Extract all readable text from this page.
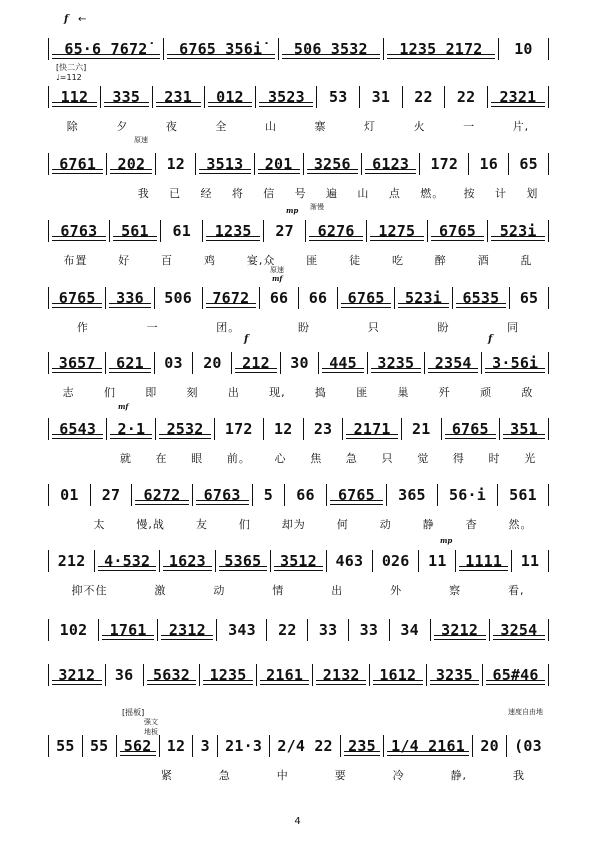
f ←
[快二六]
♩=112
65·6 7672̇	6765 356i̇	506 3532	1235 2172	10
112	335	231	012	3523	53	31	22	22	2321
除	夕	夜	全	山	寨	灯	火	一	片,
原速
6761	202	12	3513	201	3256	6123	172	16	65
我	已	经	将	信	号	遍	山	点	燃。	按	计	划
渐慢
mp
6763	561	61	1235	27	6276	1275	6765	523i
布置	好	百	鸡	宴,众	匪	徒	吃	醉	酒	乱
原速
mf
6765	336	506	7672	66	66	6765	523i	6535	65
作	一	团。	盼	只	盼	同
f	f
3657	621	03	20	212	30	445	3235	2354	3·56i
志	们	即	刻	出	现,	捣	匪	巢	歼	顽	敌
mf
6543	2·1	2532	172	12	23	2171	21	6765	351
就	在	眼	前。	心	焦	急	只	觉	得	时	光
01	27	6272	6763	5	66	6765	365	56·i	561
太	慢,战	友	们	却为	何	动	静	杳	然。
mp
212	4·532	1623	5365	3512	463	026	11	1111	11
抑不住	激	动	情	出	外	察	看,
102	1761	2312	343	22	33	33	34	3212	3254
3212	36	5632	1235	2161	2132	1612	3235	65#46
[摇板]
强文地板
速度自由地
55	55	562	12	3	21·3	2/4 22	235	1/4 2161	20	(03
紧	急	中	要	冷	静,	我
4
